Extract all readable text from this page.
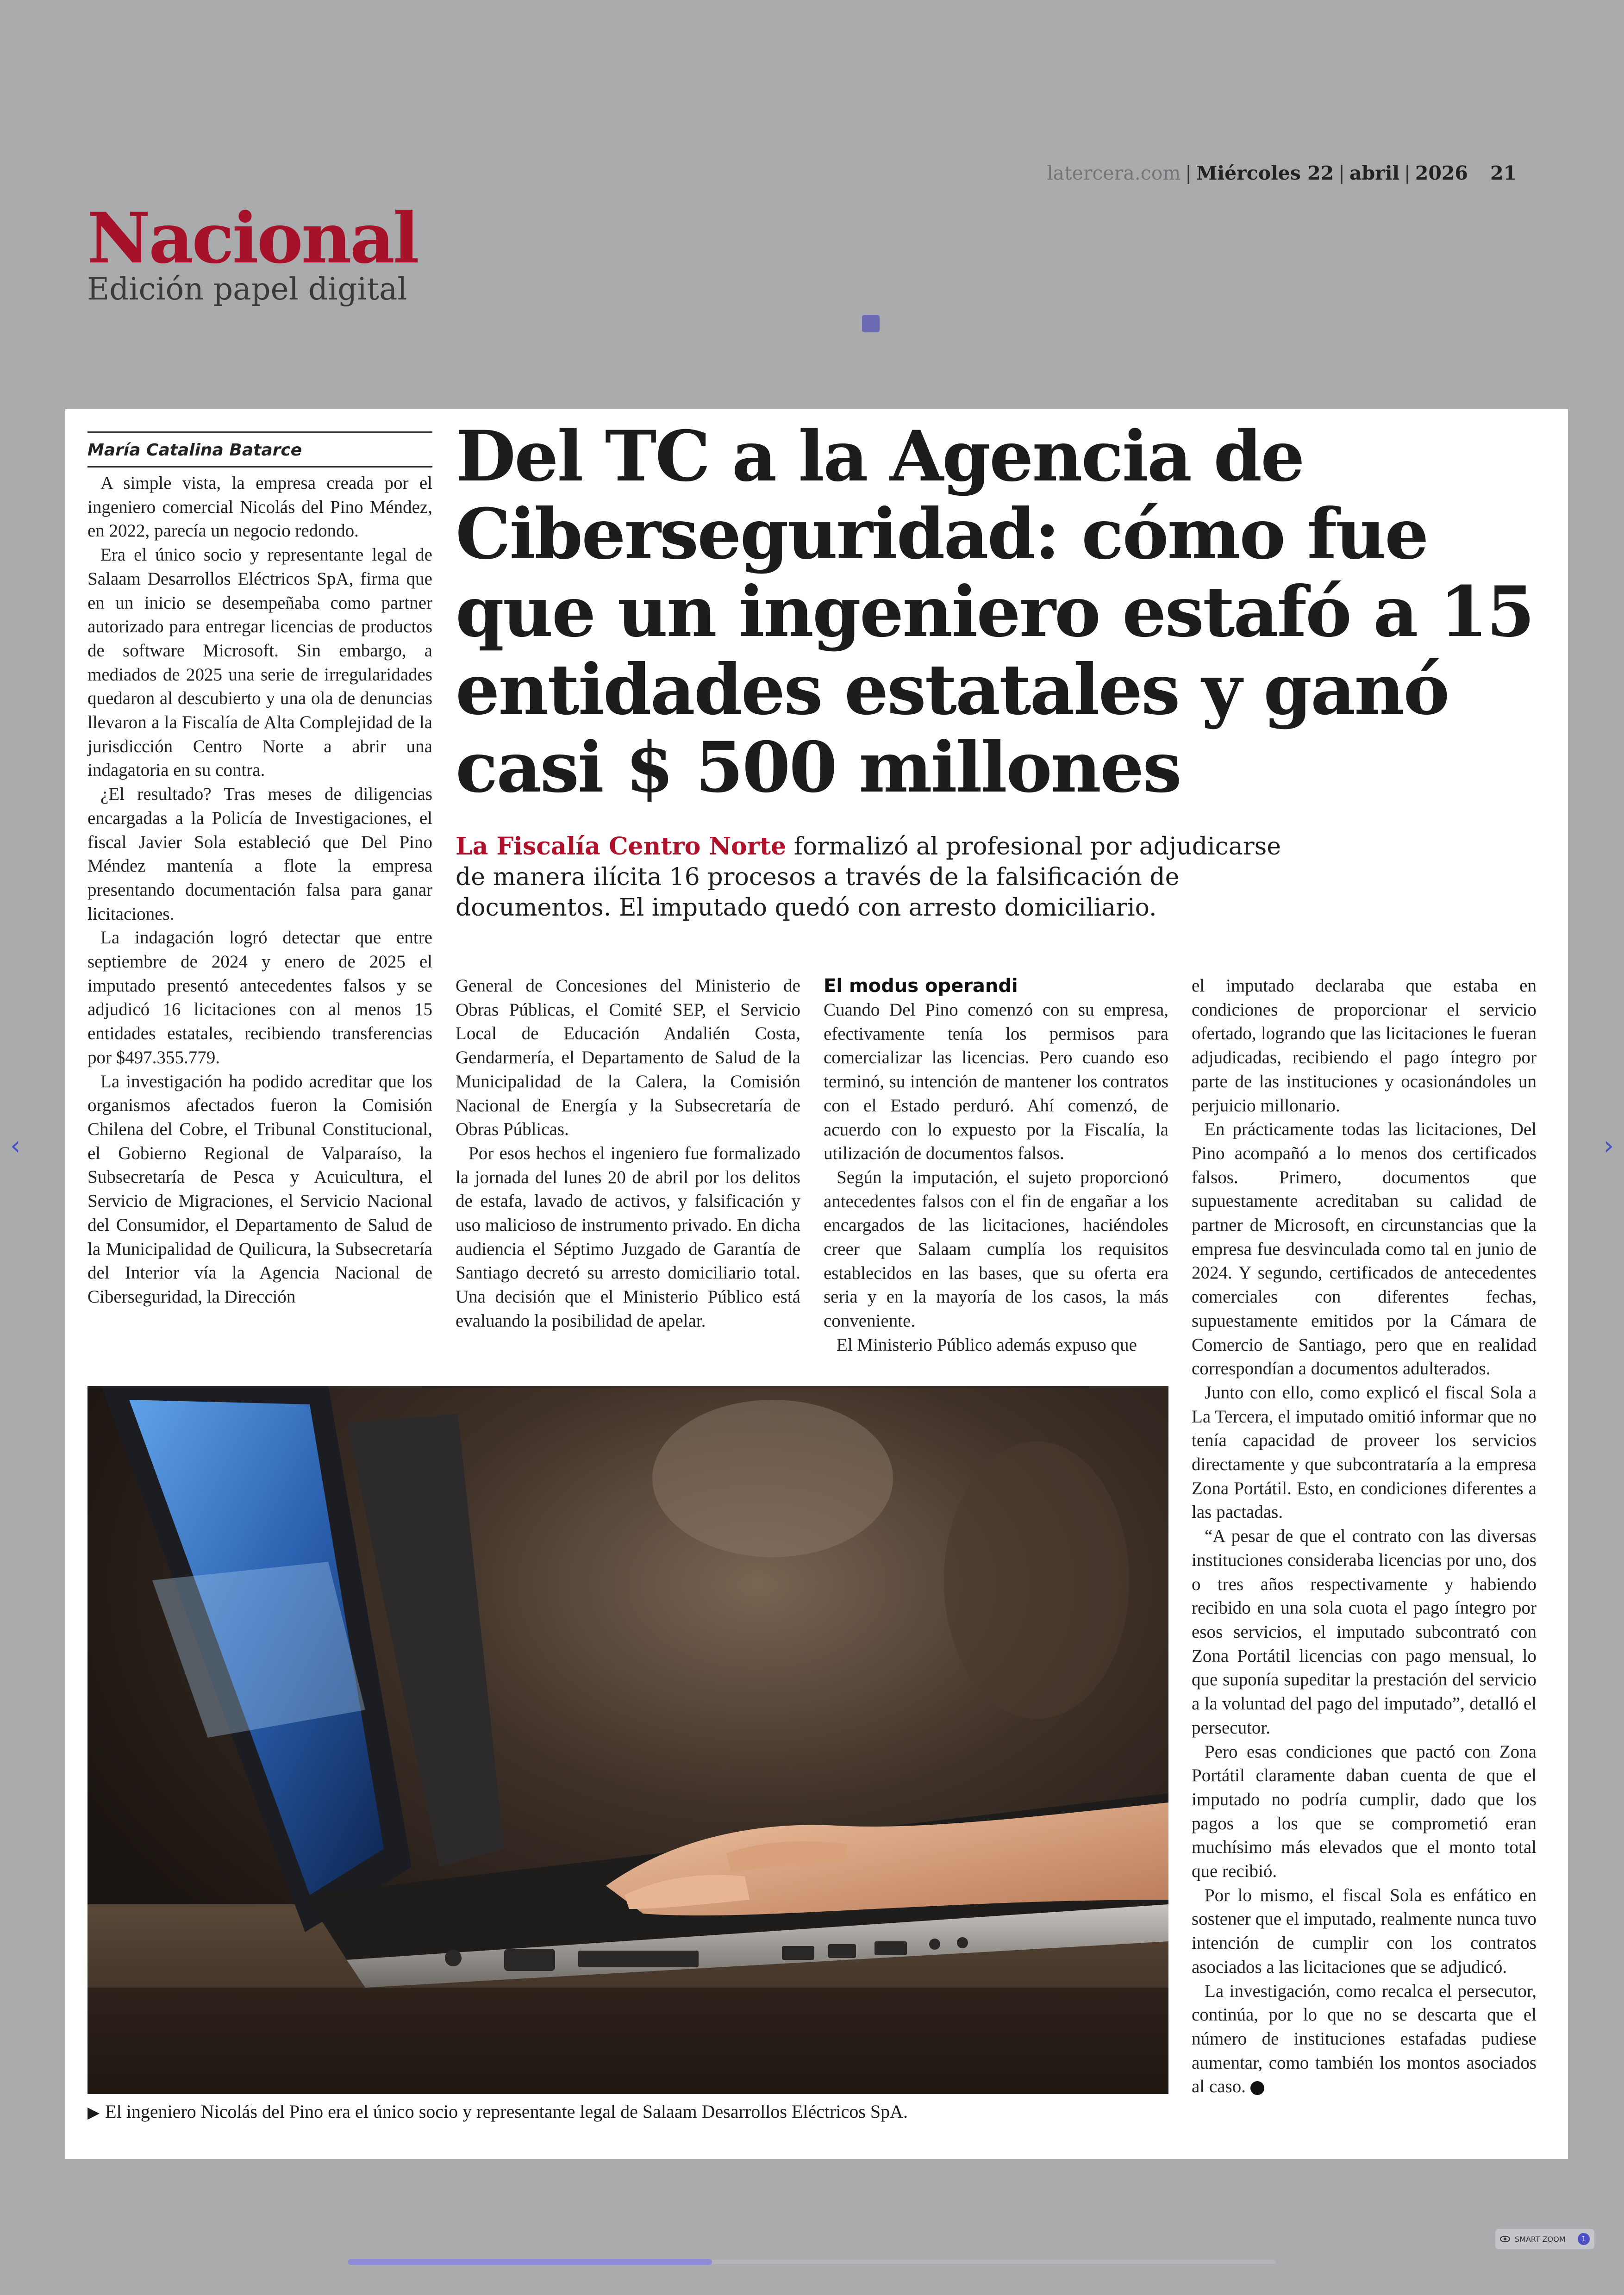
latercera.com | Miércoles 22 | abril | 2026 21
Nacional
Edición papel digital
María Catalina Batarce	Del TC a la Agencia de Ciberseguridad: cómo fue que un ingeniero estafó a 15 entidades estatales y ganó casi $ 500 millones

La Fiscalía Centro Norte formalizó al profesional por adjudicarse de manera ilícita 16 procesos a través de la falsificación de documentos. El imputado quedó con arresto domiciliario.

A simple vista, la empresa creada por el ingeniero comercial Nicolás del Pino Méndez, en 2022, parecía un negocio redondo.

Era el único socio y representante legal de Salaam Desarrollos Eléctricos SpA, firma que en un inicio se desempeñaba como partner autorizado para entregar licencias de productos de software Microsoft. Sin embargo, a mediados de 2025 una serie de irregularidades quedaron al descubierto y una ola de denuncias llevaron a la Fiscalía de Alta Complejidad de la jurisdicción Centro Norte a abrir una indagatoria en su contra.

¿El resultado? Tras meses de diligencias encargadas a la Policía de Investigaciones, el fiscal Javier Sola estableció que Del Pino Méndez mantenía a flote la empresa presentando documentación falsa para ganar licitaciones.

La indagación logró detectar que entre septiembre de 2024 y enero de 2025 el imputado presentó antecedentes falsos y se adjudicó 16 licitaciones con al menos 15 entidades estatales, recibiendo transferencias por $497.355.779.

La investigación ha podido acreditar que los organismos afectados fueron la Comisión Chilena del Cobre, el Tribunal Constitucional, el Gobierno Regional de Valparaíso, la Subsecretaría de Pesca y Acuicultura, el Servicio de Migraciones, el Servicio Nacional del Consumidor, el Departamento de Salud de la Municipalidad de Quilicura, la Subsecretaría del Interior vía la Agencia Nacional de Ciberseguridad, la Dirección

General de Concesiones del Ministerio de Obras Públicas, el Comité SEP, el Servicio Local de Educación Andalién Costa, Gendarmería, el Departamento de Salud de la Municipalidad de la Calera, la Comisión Nacional de Energía y la Subsecretaría de Obras Públicas.

Por esos hechos el ingeniero fue formalizado la jornada del lunes 20 de abril por los delitos de estafa, lavado de activos, y falsificación y uso malicioso de instrumento privado. En dicha audiencia el Séptimo Juzgado de Garantía de Santiago decretó su arresto domiciliario total. Una decisión que el Ministerio Público está evaluando la posibilidad de apelar.

El modus operandi

Cuando Del Pino comenzó con su empresa, efectivamente tenía los permisos para comercializar las licencias. Pero cuando eso terminó, su intención de mantener los contratos con el Estado perduró. Ahí comenzó, de acuerdo con lo expuesto por la Fiscalía, la utilización de documentos falsos.

Según la imputación, el sujeto proporcionó antecedentes falsos con el fin de engañar a los encargados de las licitaciones, haciéndoles creer que Salaam cumplía los requisitos establecidos en las bases, que su oferta era seria y en la mayoría de los casos, la más conveniente.

El Ministerio Público además expuso que

el imputado declaraba que estaba en condiciones de proporcionar el servicio ofertado, logrando que las licitaciones le fueran adjudicadas, recibiendo el pago íntegro por parte de las instituciones y ocasionándoles un perjuicio millonario.

En prácticamente todas las licitaciones, Del Pino acompañó a lo menos dos certificados falsos. Primero, documentos que supuestamente acreditaban su calidad de partner de Microsoft, en circunstancias que la empresa fue desvinculada como tal en junio de 2024. Y segundo, certificados de antecedentes comerciales con diferentes fechas, supuestamente emitidos por la Cámara de Comercio de Santiago, pero que en realidad correspondían a documentos adulterados.

Junto con ello, como explicó el fiscal Sola a La Tercera, el imputado omitió informar que no tenía capacidad de proveer los servicios directamente y que subcontrataría a la empresa Zona Portátil. Esto, en condiciones diferentes a las pactadas.

“A pesar de que el contrato con las diversas instituciones consideraba licencias por uno, dos o tres años respectivamente y habiendo recibido en una sola cuota el pago íntegro por esos servicios, el imputado subcontrató con Zona Portátil licencias con pago mensual, lo que suponía supeditar la prestación del servicio a la voluntad del pago del imputado”, detalló el persecutor.

Pero esas condiciones que pactó con Zona Portátil claramente daban cuenta de que el imputado no podría cumplir, dado que los pagos a los que se comprometió eran muchísimo más elevados que el monto total que recibió.

Por lo mismo, el fiscal Sola es enfático en sostener que el imputado, realmente nunca tuvo intención de cumplir con los contratos asociados a las licitaciones que se adjudicó.

La investigación, como recalca el persecutor, continúa, por lo que no se descarta que el número de instituciones estafadas pudiese aumentar, como también los montos asociados al caso.

▶ El ingeniero Nicolás del Pino era el único socio y representante legal de Salaam Desarrollos Eléctricos SpA.
‹	›
SMART ZOOM	1
